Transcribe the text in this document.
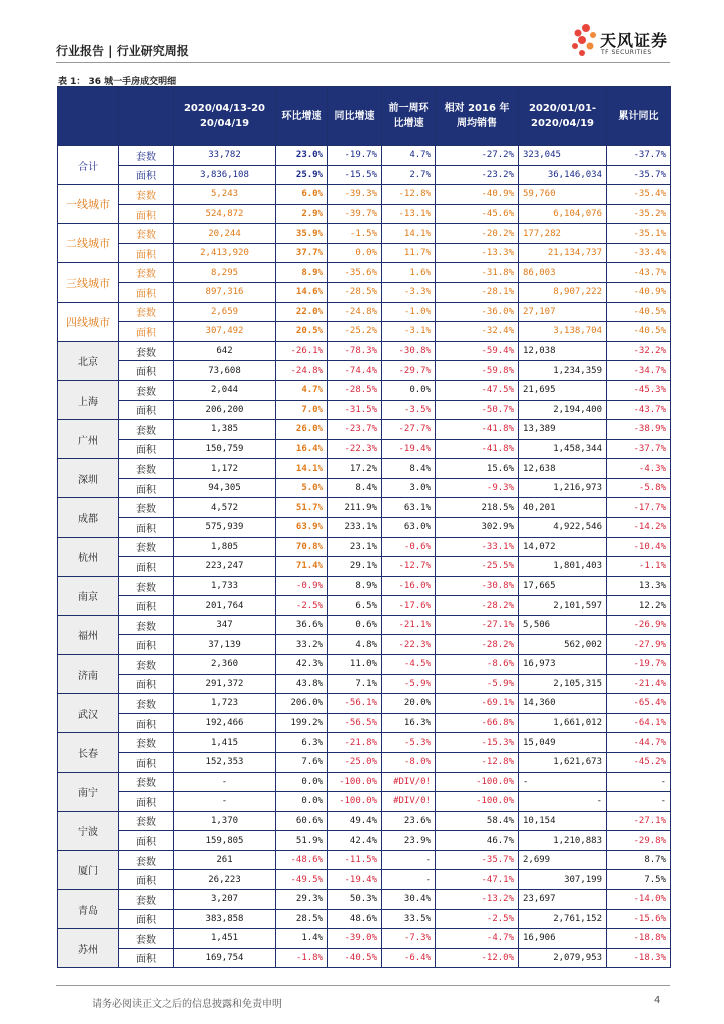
行业报告 | 行业研究周报
天风证券
TF SECURITIES
表 1： 36 城一手房成交明细
		2020/04/13-20 20/04/19	环比增速	同比增速	前一周环比增速	相对 2016 年周均销售	2020/01/01- 2020/04/19	累计同比
合计	套数	33,782	23.0%	-19.7%	4.7%	-27.2%	323,045	-37.7%
	面积	3,836,108	25.9%	-15.5%	2.7%	-23.2%	36,146,034	-35.7%
一线城市	套数	5,243	6.0%	-39.3%	-12.8%	-40.9%	59,760	-35.4%
	面积	524,872	2.9%	-39.7%	-13.1%	-45.6%	6,104,076	-35.2%
二线城市	套数	20,244	35.9%	-1.5%	14.1%	-20.2%	177,282	-35.1%
	面积	2,413,920	37.7%	0.0%	11.7%	-13.3%	21,134,737	-33.4%
三线城市	套数	8,295	8.9%	-35.6%	1.6%	-31.8%	86,003	-43.7%
	面积	897,316	14.6%	-28.5%	-3.3%	-28.1%	8,907,222	-40.9%
四线城市	套数	2,659	22.0%	-24.8%	-1.0%	-36.0%	27,107	-40.5%
	面积	307,492	20.5%	-25.2%	-3.1%	-32.4%	3,138,704	-40.5%
北京	套数	642	-26.1%	-78.3%	-30.8%	-59.4%	12,038	-32.2%
	面积	73,608	-24.8%	-74.4%	-29.7%	-59.8%	1,234,359	-34.7%
上海	套数	2,044	4.7%	-28.5%	0.0%	-47.5%	21,695	-45.3%
	面积	206,200	7.0%	-31.5%	-3.5%	-50.7%	2,194,400	-43.7%
广州	套数	1,385	26.0%	-23.7%	-27.7%	-41.8%	13,389	-38.9%
	面积	150,759	16.4%	-22.3%	-19.4%	-41.8%	1,458,344	-37.7%
深圳	套数	1,172	14.1%	17.2%	8.4%	15.6%	12,638	-4.3%
	面积	94,305	5.0%	8.4%	3.0%	-9.3%	1,216,973	-5.8%
成都	套数	4,572	51.7%	211.9%	63.1%	218.5%	40,201	-17.7%
	面积	575,939	63.9%	233.1%	63.0%	302.9%	4,922,546	-14.2%
杭州	套数	1,805	70.8%	23.1%	-0.6%	-33.1%	14,072	-10.4%
	面积	223,247	71.4%	29.1%	-12.7%	-25.5%	1,801,403	-1.1%
南京	套数	1,733	-0.9%	8.9%	-16.0%	-30.8%	17,665	13.3%
	面积	201,764	-2.5%	6.5%	-17.6%	-28.2%	2,101,597	12.2%
福州	套数	347	36.6%	0.6%	-21.1%	-27.1%	5,506	-26.9%
	面积	37,139	33.2%	4.8%	-22.3%	-28.2%	562,002	-27.9%
济南	套数	2,360	42.3%	11.0%	-4.5%	-8.6%	16,973	-19.7%
	面积	291,372	43.8%	7.1%	-5.9%	-5.9%	2,105,315	-21.4%
武汉	套数	1,723	206.0%	-56.1%	20.0%	-69.1%	14,360	-65.4%
	面积	192,466	199.2%	-56.5%	16.3%	-66.8%	1,661,012	-64.1%
长春	套数	1,415	6.3%	-21.8%	-5.3%	-15.3%	15,049	-44.7%
	面积	152,353	7.6%	-25.0%	-8.0%	-12.8%	1,621,673	-45.2%
南宁	套数	-	0.0%	-100.0%	#DIV/0!	-100.0%	-	-
	面积	-	0.0%	-100.0%	#DIV/0!	-100.0%	-	-
宁波	套数	1,370	60.6%	49.4%	23.6%	58.4%	10,154	-27.1%
	面积	159,805	51.9%	42.4%	23.9%	46.7%	1,210,883	-29.8%
厦门	套数	261	-48.6%	-11.5%	-	-35.7%	2,699	8.7%
	面积	26,223	-49.5%	-19.4%	-	-47.1%	307,199	7.5%
青岛	套数	3,207	29.3%	50.3%	30.4%	-13.2%	23,697	-14.0%
	面积	383,858	28.5%	48.6%	33.5%	-2.5%	2,761,152	-15.6%
苏州	套数	1,451	1.4%	-39.0%	-7.3%	-4.7%	16,906	-18.8%
	面积	169,754	-1.8%	-40.5%	-6.4%	-12.0%	2,079,953	-18.3%
请务必阅读正文之后的信息披露和免责申明	4
